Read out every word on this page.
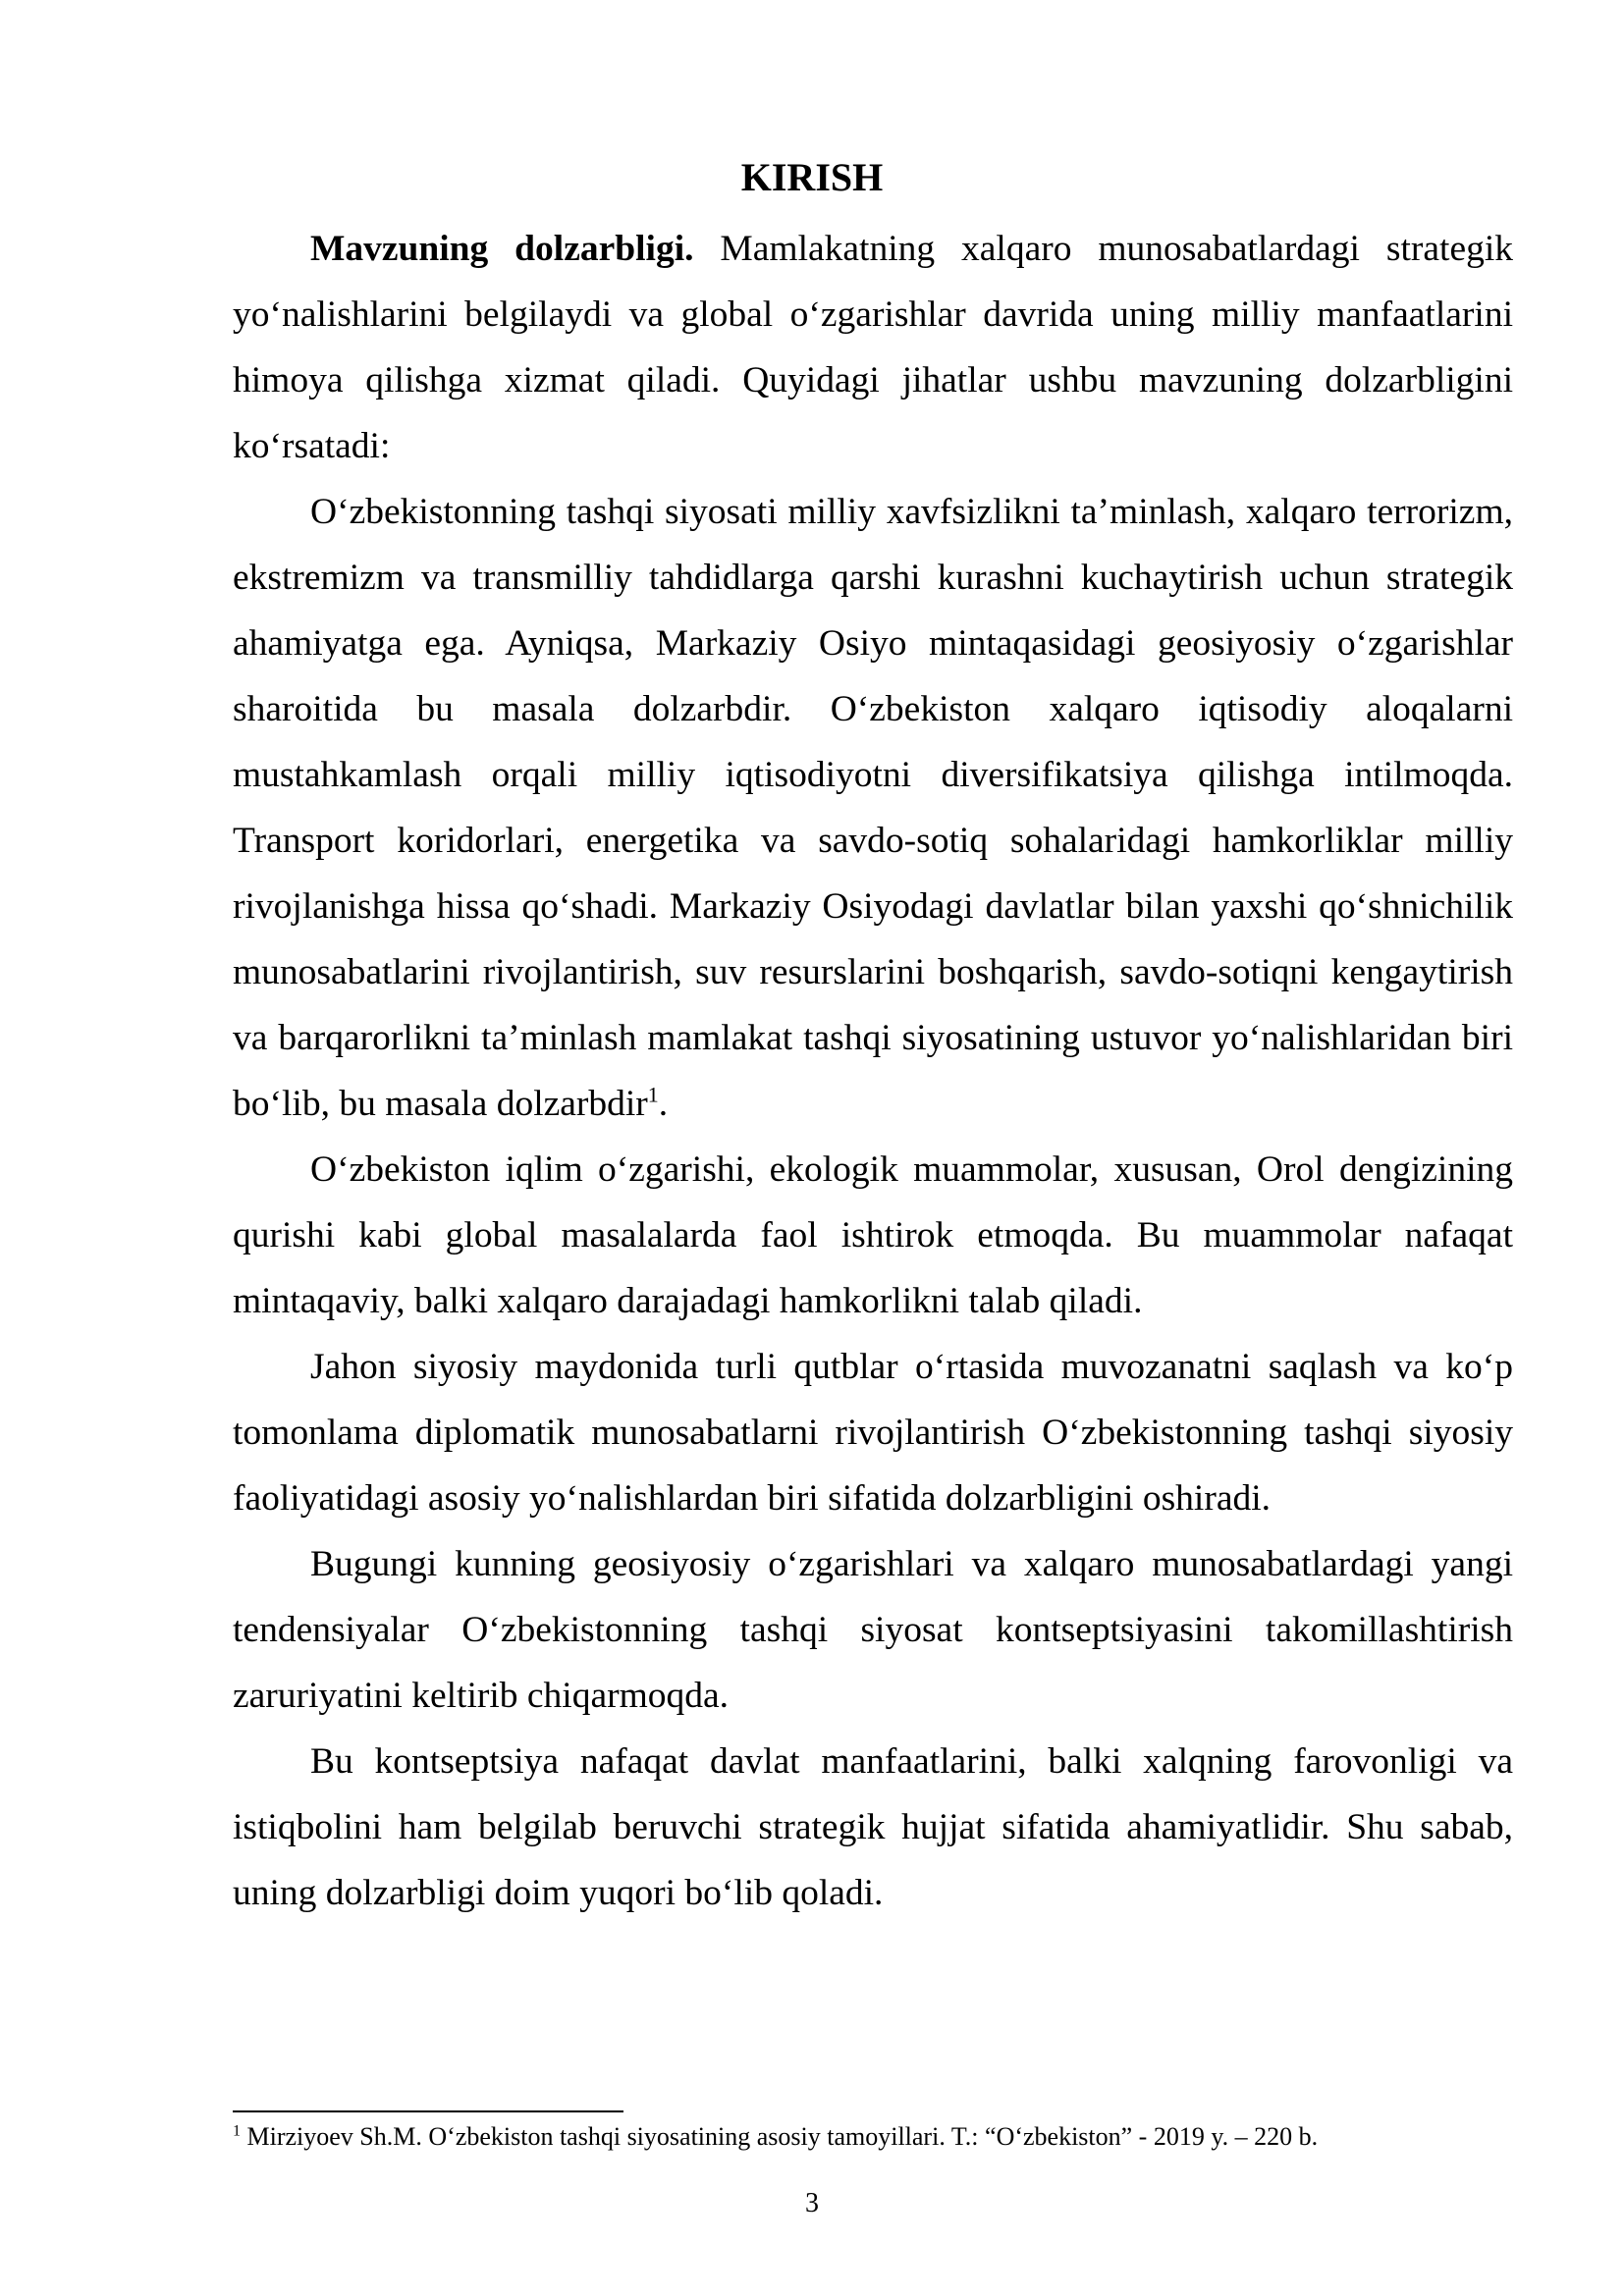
KIRISH

Mavzuning dolzarbligi. Mamlakatning xalqaro munosabatlardagi strategik yo‘nalishlarini belgilaydi va global o‘zgarishlar davrida uning milliy manfaatlarini himoya qilishga xizmat qiladi. Quyidagi jihatlar ushbu mavzuning dolzarbligini ko‘rsatadi:

O‘zbekistonning tashqi siyosati milliy xavfsizlikni ta’minlash, xalqaro terrorizm, ekstremizm va transmilliy tahdidlarga qarshi kurashni kuchaytirish uchun strategik ahamiyatga ega. Ayniqsa, Markaziy Osiyo mintaqasidagi geosiyosiy o‘zgarishlar sharoitida bu masala dolzarbdir. O‘zbekiston xalqaro iqtisodiy aloqalarni mustahkamlash orqali milliy iqtisodiyotni diversifikatsiya qilishga intilmoqda. Transport koridorlari, energetika va savdo-sotiq sohalaridagi hamkorliklar milliy rivojlanishga hissa qo‘shadi. Markaziy Osiyodagi davlatlar bilan yaxshi qo‘shnichilik munosabatlarini rivojlantirish, suv resurslarini boshqarish, savdo-sotiqni kengaytirish va barqarorlikni ta’minlash mamlakat tashqi siyosatining ustuvor yo‘nalishlaridan biri bo‘lib, bu masala dolzarbdir$^1$.

O‘zbekiston iqlim o‘zgarishi, ekologik muammolar, xususan, Orol dengizining qurishi kabi global masalalarda faol ishtirok etmoqda. Bu muammolar nafaqat mintaqaviy, balki xalqaro darajadagi hamkorlikni talab qiladi.

Jahon siyosiy maydonida turli qutblar o‘rtasida muvozanatni saqlash va ko‘p tomonlama diplomatik munosabatlarni rivojlantirish O‘zbekistonning tashqi siyosiy faoliyatidagi asosiy yo‘nalishlardan biri sifatida dolzarbligini oshiradi.

Bugungi kunning geosiyosiy o‘zgarishlari va xalqaro munosabatlardagi yangi tendensiyalar O‘zbekistonning tashqi siyosat kontseptsiyasini takomillashtirish zaruriyatini keltirib chiqarmoqda.

Bu kontseptsiya nafaqat davlat manfaatlarini, balki xalqning farovonligi va istiqbolini ham belgilab beruvchi strategik hujjat sifatida ahamiyatlidir. Shu sabab, uning dolzarbligi doim yuqori bo‘lib qoladi.

$^1$ Mirziyoev Sh.M. O‘zbekiston tashqi siyosatining asosiy tamoyillari. T.: “O‘zbekiston” - 2019 y. – 220 b.

3
